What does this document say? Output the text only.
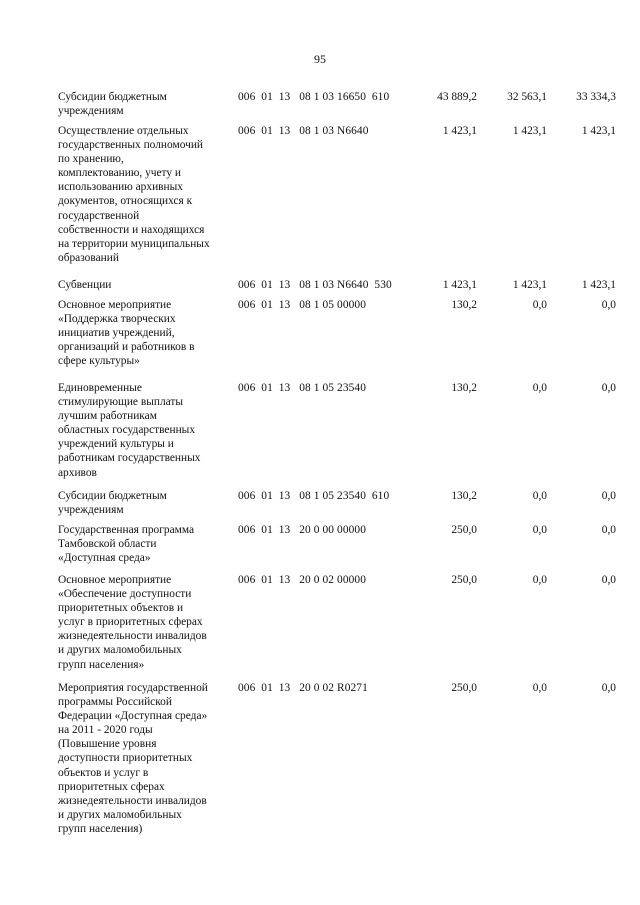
95
Субсидии бюджетным
учреждениям
006  01  13   08 1 03 16650  610	43 889,2	32 563,1	33 334,3
Осуществление отдельных
государственных полномочий
по хранению,
комплектованию, учету и
использованию архивных
документов, относящихся к
государственной
собственности и находящихся
на территории муниципальных
образований
006  01  13   08 1 03 N6640	1 423,1	1 423,1	1 423,1
Субвенции	006  01  13   08 1 03 N6640  530	1 423,1	1 423,1	1 423,1
Основное мероприятие
«Поддержка творческих
инициатив учреждений,
организаций и работников в
сфере культуры»
006  01  13   08 1 05 00000	130,2	0,0	0,0
Единовременные
стимулирующие выплаты
лучшим работникам
областных государственных
учреждений культуры и
работникам государственных
архивов
006  01  13   08 1 05 23540	130,2	0,0	0,0
Субсидии бюджетным
учреждениям
006  01  13   08 1 05 23540  610	130,2	0,0	0,0
Государственная программа
Тамбовской области
«Доступная среда»
006  01  13   20 0 00 00000	250,0	0,0	0,0
Основное мероприятие
«Обеспечение доступности
приоритетных объектов и
услуг в приоритетных сферах
жизнедеятельности инвалидов
и других маломобильных
групп населения»
006  01  13   20 0 02 00000	250,0	0,0	0,0
Мероприятия государственной
программы Российской
Федерации «Доступная среда»
на 2011 - 2020 годы
(Повышение уровня
доступности приоритетных
объектов и услуг в
приоритетных сферах
жизнедеятельности инвалидов
и других маломобильных
групп населения)
006  01  13   20 0 02 R0271	250,0	0,0	0,0
